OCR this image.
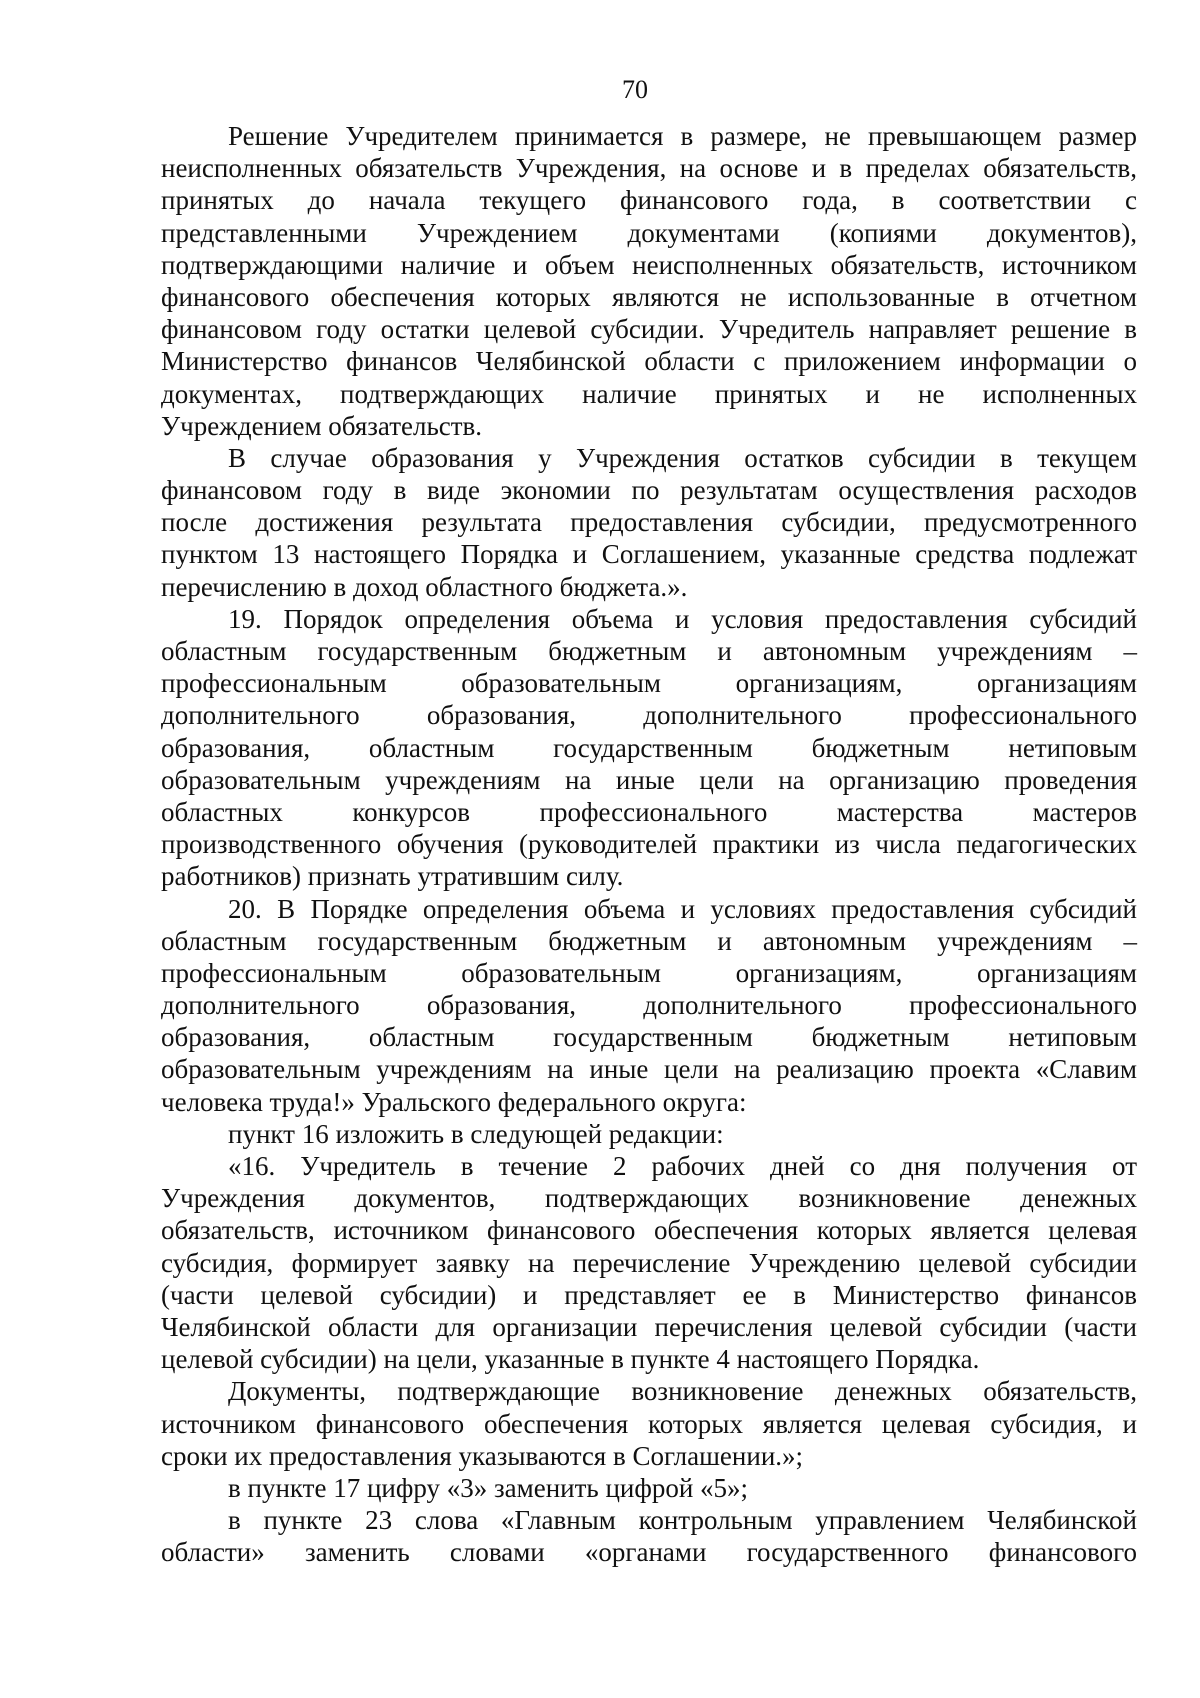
70
Решение Учредителем принимается в размере, не превышающем размер
неисполненных обязательств Учреждения, на основе и в пределах обязательств,
принятых до начала текущего финансового года, в соответствии с
представленными Учреждением документами (копиями документов),
подтверждающими наличие и объем неисполненных обязательств, источником
финансового обеспечения которых являются не использованные в отчетном
финансовом году остатки целевой субсидии. Учредитель направляет решение в
Министерство финансов Челябинской области с приложением информации о
документах, подтверждающих наличие принятых и не исполненных
Учреждением обязательств.
В случае образования у Учреждения остатков субсидии в текущем
финансовом году в виде экономии по результатам осуществления расходов
после достижения результата предоставления субсидии, предусмотренного
пунктом 13 настоящего Порядка и Соглашением, указанные средства подлежат
перечислению в доход областного бюджета.».
19. Порядок определения объема и условия предоставления субсидий
областным государственным бюджетным и автономным учреждениям –
профессиональным образовательным организациям, организациям
дополнительного образования, дополнительного профессионального
образования, областным государственным бюджетным нетиповым
образовательным учреждениям на иные цели на организацию проведения
областных конкурсов профессионального мастерства мастеров
производственного обучения (руководителей практики из числа педагогических
работников) признать утратившим силу.
20. В Порядке определения объема и условиях предоставления субсидий
областным государственным бюджетным и автономным учреждениям –
профессиональным образовательным организациям, организациям
дополнительного образования, дополнительного профессионального
образования, областным государственным бюджетным нетиповым
образовательным учреждениям на иные цели на реализацию проекта «Славим
человека труда!» Уральского федерального округа:
пункт 16 изложить в следующей редакции:
«16. Учредитель в течение 2 рабочих дней со дня получения от
Учреждения документов, подтверждающих возникновение денежных
обязательств, источником финансового обеспечения которых является целевая
субсидия, формирует заявку на перечисление Учреждению целевой субсидии
(части целевой субсидии) и представляет ее в Министерство финансов
Челябинской области для организации перечисления целевой субсидии (части
целевой субсидии) на цели, указанные в пункте 4 настоящего Порядка.
Документы, подтверждающие возникновение денежных обязательств,
источником финансового обеспечения которых является целевая субсидия, и
сроки их предоставления указываются в Соглашении.»;
в пункте 17 цифру «3» заменить цифрой «5»;
в пункте 23 слова «Главным контрольным управлением Челябинской
области» заменить словами «органами государственного финансового
